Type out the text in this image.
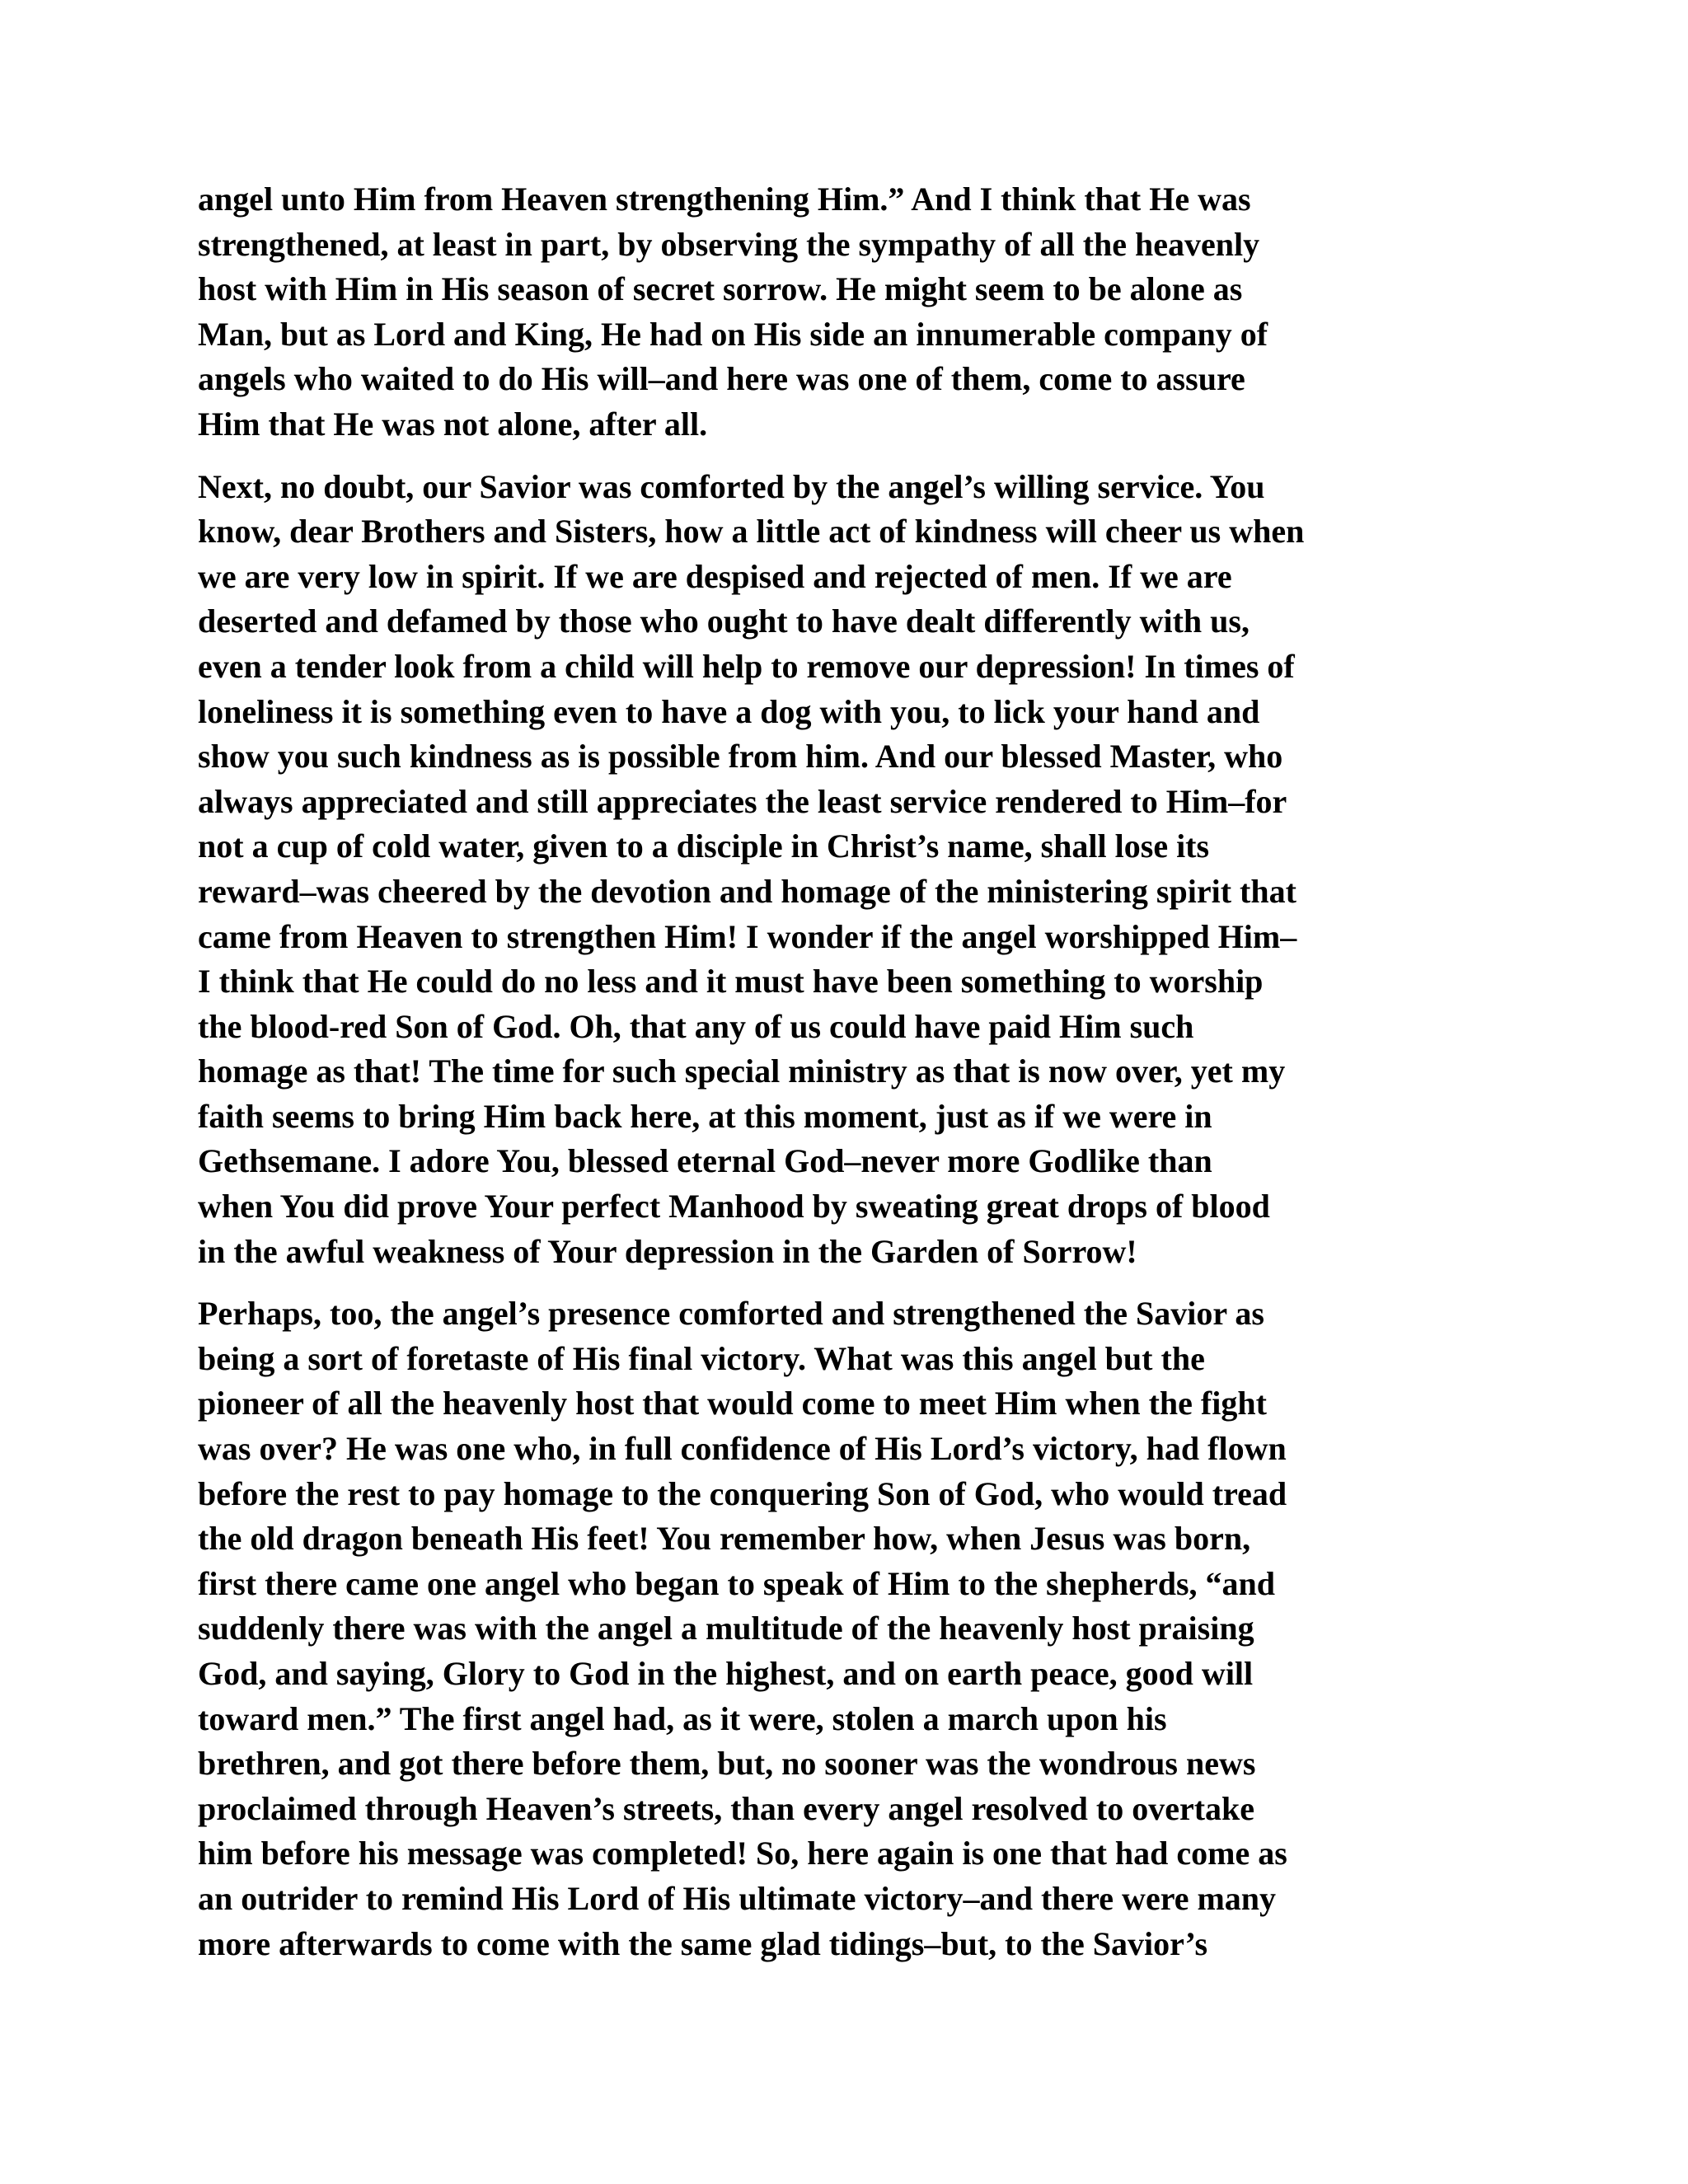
angel unto Him from Heaven strengthening Him.” And I think that He was
strengthened, at least in part, by observing the sympathy of all the heavenly
host with Him in His season of secret sorrow. He might seem to be alone as
Man, but as Lord and King, He had on His side an innumerable company of
angels who waited to do His will–and here was one of them, come to assure
Him that He was not alone, after all.

Next, no doubt, our Savior was comforted by the angel’s willing service. You
know, dear Brothers and Sisters, how a little act of kindness will cheer us when
we are very low in spirit. If we are despised and rejected of men. If we are
deserted and defamed by those who ought to have dealt differently with us,
even a tender look from a child will help to remove our depression! In times of
loneliness it is something even to have a dog with you, to lick your hand and
show you such kindness as is possible from him. And our blessed Master, who
always appreciated and still appreciates the least service rendered to Him–for
not a cup of cold water, given to a disciple in Christ’s name, shall lose its
reward–was cheered by the devotion and homage of the ministering spirit that
came from Heaven to strengthen Him! I wonder if the angel worshipped Him–
I think that He could do no less and it must have been something to worship
the blood-red Son of God. Oh, that any of us could have paid Him such
homage as that! The time for such special ministry as that is now over, yet my
faith seems to bring Him back here, at this moment, just as if we were in
Gethsemane. I adore You, blessed eternal God–never more Godlike than
when You did prove Your perfect Manhood by sweating great drops of blood
in the awful weakness of Your depression in the Garden of Sorrow!

Perhaps, too, the angel’s presence comforted and strengthened the Savior as
being a sort of foretaste of His final victory. What was this angel but the
pioneer of all the heavenly host that would come to meet Him when the fight
was over? He was one who, in full confidence of His Lord’s victory, had flown
before the rest to pay homage to the conquering Son of God, who would tread
the old dragon beneath His feet! You remember how, when Jesus was born,
first there came one angel who began to speak of Him to the shepherds, “and
suddenly there was with the angel a multitude of the heavenly host praising
God, and saying, Glory to God in the highest, and on earth peace, good will
toward men.” The first angel had, as it were, stolen a march upon his
brethren, and got there before them, but, no sooner was the wondrous news
proclaimed through Heaven’s streets, than every angel resolved to overtake
him before his message was completed! So, here again is one that had come as
an outrider to remind His Lord of His ultimate victory–and there were many
more afterwards to come with the same glad tidings–but, to the Savior’s
